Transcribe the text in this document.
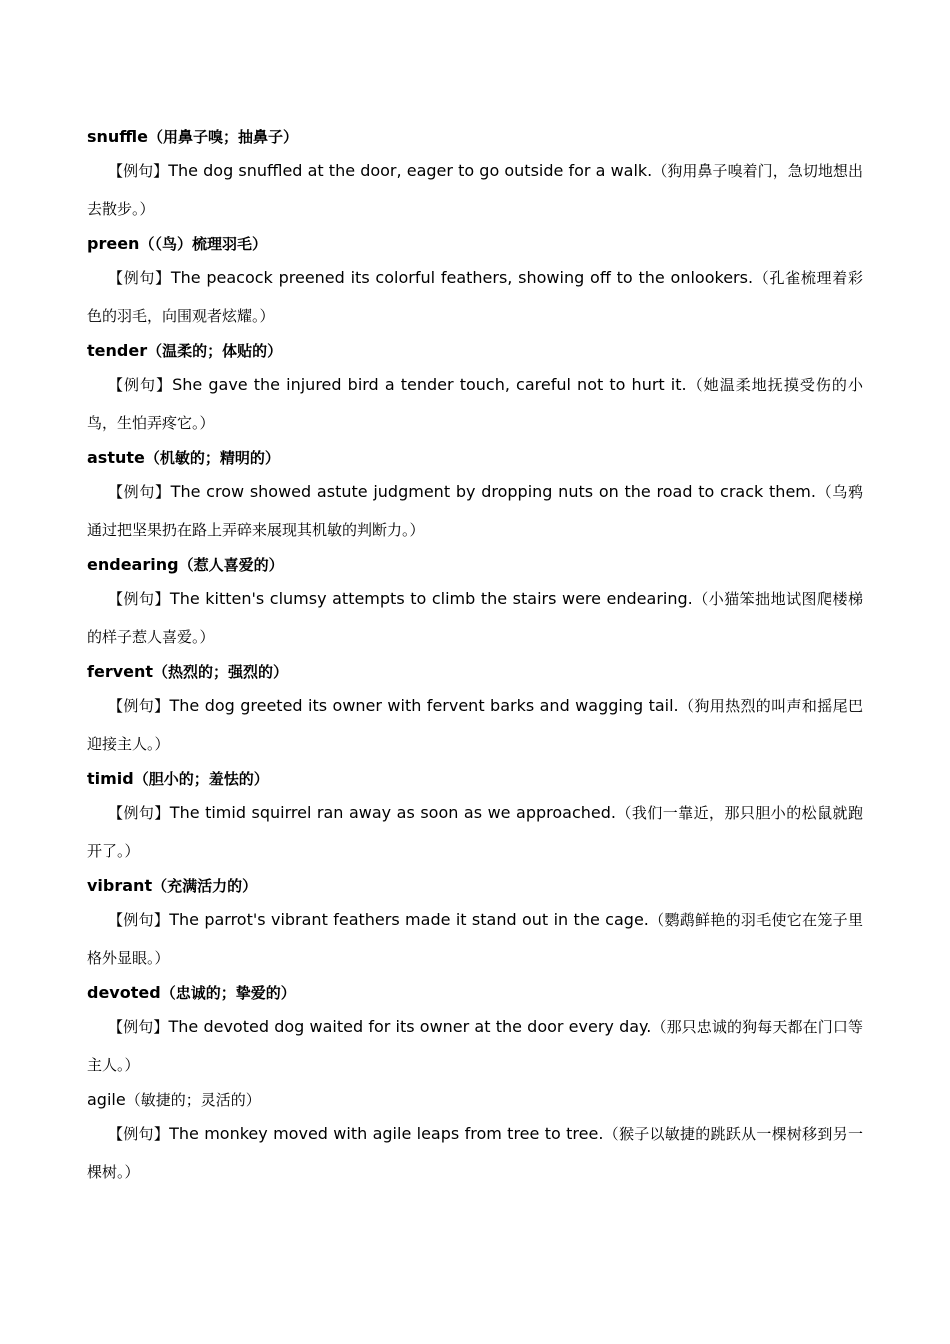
snuffle（用鼻子嗅；抽鼻子）

【例句】The dog snuffled at the door, eager to go outside for a walk.（狗用鼻子嗅着门，急切地想出去散步。）

preen（（鸟）梳理羽毛）

【例句】The peacock preened its colorful feathers, showing off to the onlookers.（孔雀梳理着彩色的羽毛，向围观者炫耀。）

tender（温柔的；体贴的）

【例句】She gave the injured bird a tender touch, careful not to hurt it.（她温柔地抚摸受伤的小鸟，生怕弄疼它。）

astute（机敏的；精明的）

【例句】The crow showed astute judgment by dropping nuts on the road to crack them.（乌鸦通过把坚果扔在路上弄碎来展现其机敏的判断力。）

endearing（惹人喜爱的）

【例句】The kitten's clumsy attempts to climb the stairs were endearing.（小猫笨拙地试图爬楼梯的样子惹人喜爱。）

fervent（热烈的；强烈的）

【例句】The dog greeted its owner with fervent barks and wagging tail.（狗用热烈的叫声和摇尾巴迎接主人。）

timid（胆小的；羞怯的）

【例句】The timid squirrel ran away as soon as we approached.（我们一靠近，那只胆小的松鼠就跑开了。）

vibrant（充满活力的）

【例句】The parrot's vibrant feathers made it stand out in the cage.（鹦鹉鲜艳的羽毛使它在笼子里格外显眼。）

devoted（忠诚的；挚爱的）

【例句】The devoted dog waited for its owner at the door every day.（那只忠诚的狗每天都在门口等主人。）

agile（敏捷的；灵活的）

【例句】The monkey moved with agile leaps from tree to tree.（猴子以敏捷的跳跃从一棵树移到另一棵树。）
